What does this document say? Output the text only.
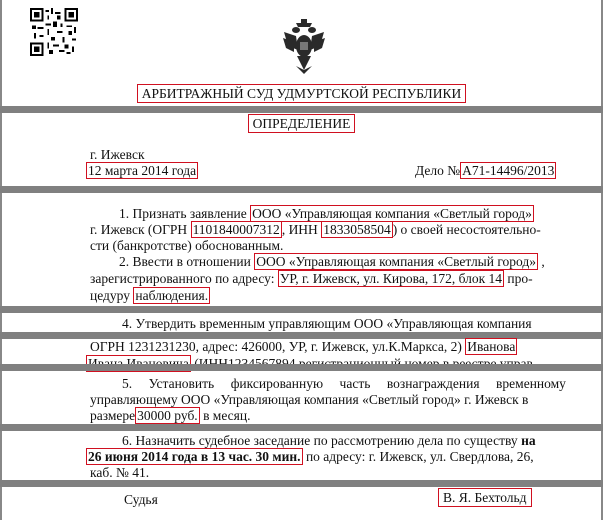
АРБИТРАЖНЫЙ СУД УДМУРТСКОЙ РЕСПУБЛИКИ
ОПРЕДЕЛЕНИЕ
г. Ижевск
12 марта 2014 года	Дело № А71-14496/2013
1. Признать заявление ООО «Управляющая компания «Светлый город»
г. Ижевск (ОГРН 1101840007312 , ИНН 1833058504 ) о своей несостоятельно-
сти (банкротстве) обоснованным.
2. Ввести в отношении ООО «Управляющая компания «Светлый город» ,
зарегистрированного по адресу: УР, г. Ижевск, ул. Кирова, 172, блок 14 про-
цедуру наблюдения.
4. Утвердить временным управляющим ООО «Управляющая компания
ОГРН 1231231230, адрес: 426000, УР, г. Ижевск, ул.К.Маркса, 2) Иванова
5. Установить фиксированную часть вознаграждения временному
управляющему ООО «Управляющая компания «Светлый город» г. Ижевск в
размере 30000 руб. в месяц.
6. Назначить судебное заседание по рассмотрению дела по существу на
26 июня 2014 года в 13 час. 30 мин. по адресу: г. Ижевск, ул. Свердлова, 26,
каб. № 41.
Судья	В. Я. Бехтольд
